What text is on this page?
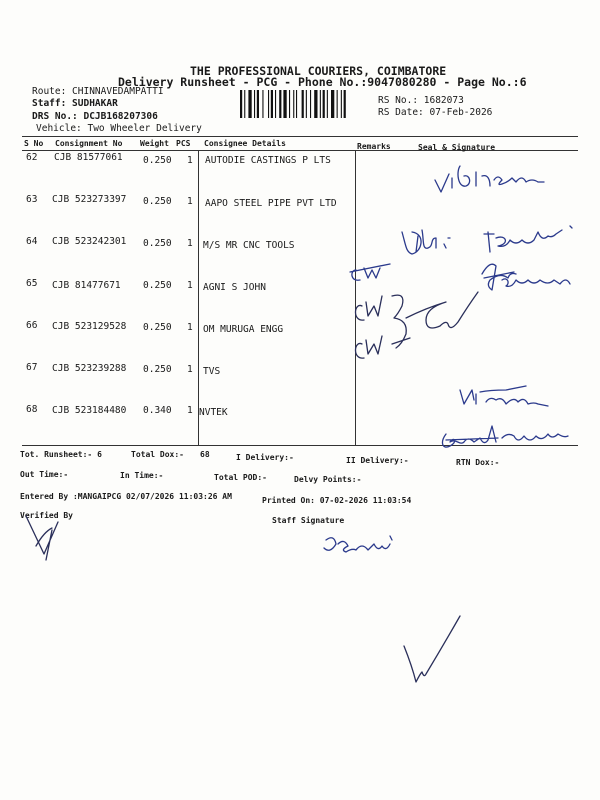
THE PROFESSIONAL COURIERS, COIMBATORE
Delivery Runsheet - PCG - Phone No.:9047080280 - Page No.:6
Route: CHINNAVEDAMPATTI
Staff: SUDHAKAR
DRS No.: DCJB168207306
Vehicle: Two Wheeler Delivery
RS No.: 1682073
RS Date: 07-Feb-2026
S No Consignment No Weight PCS Consignee Details	Remarks	Seal & Signature
62 CJB 81577061 0.250 1 AUTODIE CASTINGS P LTS
63 CJB 523273397 0.250 1 AAPO STEEL PIPE PVT LTD
64 CJB 523242301 0.250 1 M/S MR CNC TOOLS
65 CJB 81477671 0.250 1 AGNI S JOHN
66 CJB 523129528 0.250 1 OM MURUGA ENGG
67 CJB 523239288 0.250 1 TVS
68 CJB 523184480 0.340 1 NVTEK
Tot. Runsheet:- 6	Total Dox:- 68	I Delivery:-	II Delivery:-	RTN Dox:-
Out Time:-	In Time:-	Total POD:-	Delvy Points:-
Entered By :MANGAIPCG 02/07/2026 11:03:26 AM	Printed On: 07-02-2026 11:03:54
Verified By
Staff Signature
